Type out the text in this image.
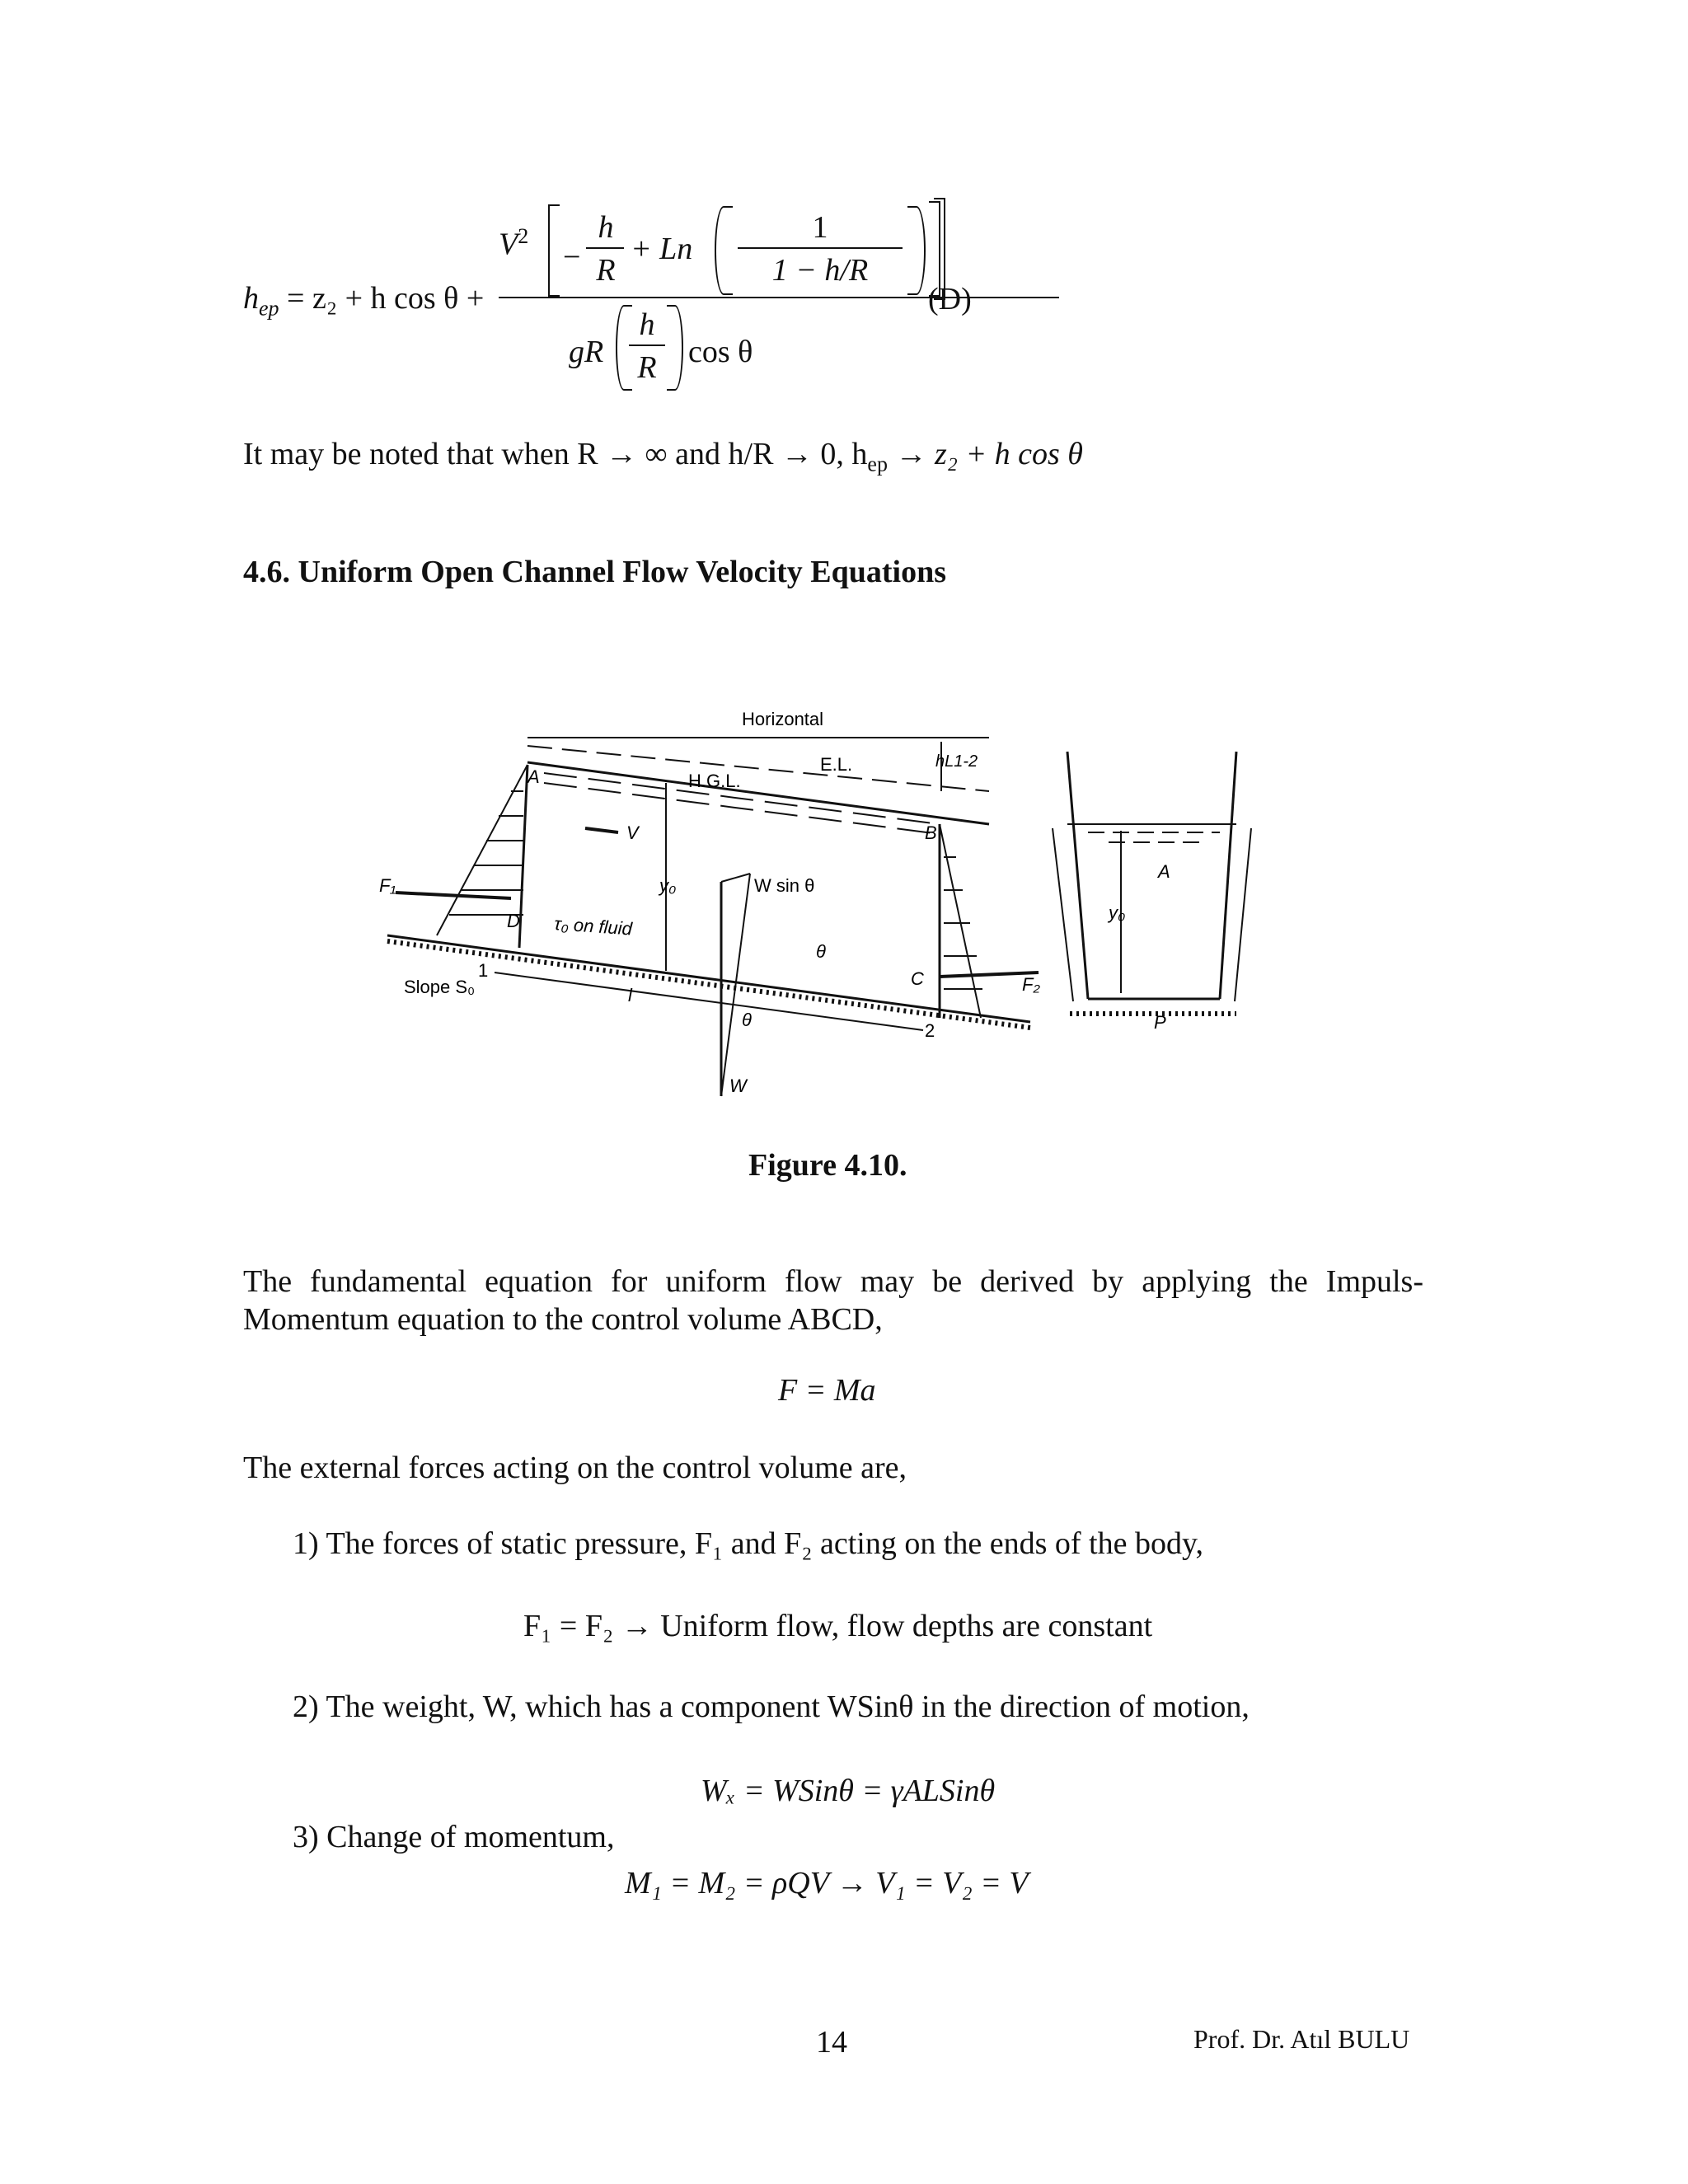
$h_{ep} = z_2 + h$ cos θ +
$V^2$
−
h
R
+ Ln
1
1 − h/R
gR
h
R cos θ
(D)
It may be noted that when R → ∞ and h/R → 0, $h_{ep} \to z_2 + h$ cos θ
4.6. Uniform Open Channel Flow Velocity Equations
Horizontal
E.L.
H.G.L.
hL1-2
A
B
C
D
V
y₀
F₁
F₂
τ₀ on fluid
W sin θ
θ
θ
l
1
2
Slope S₀
W
A
P
y₀
Figure 4.10.
The fundamental equation for uniform flow may be derived by applying the Impuls-
Momentum equation to the control volume ABCD,
F = Ma
The external forces acting on the control volume are,
1) The forces of static pressure, F₁ and F₂ acting on the ends of the body,
F₁ = F₂ → Uniform flow, flow depths are constant
2) The weight, W, which has a component WSinθ in the direction of motion,
Wₓ = WSinθ = γALSinθ
3) Change of momentum,
M₁ = M₂ = ρQV → V₁ = V₂ = V
14	Prof. Dr. Atıl BULU
